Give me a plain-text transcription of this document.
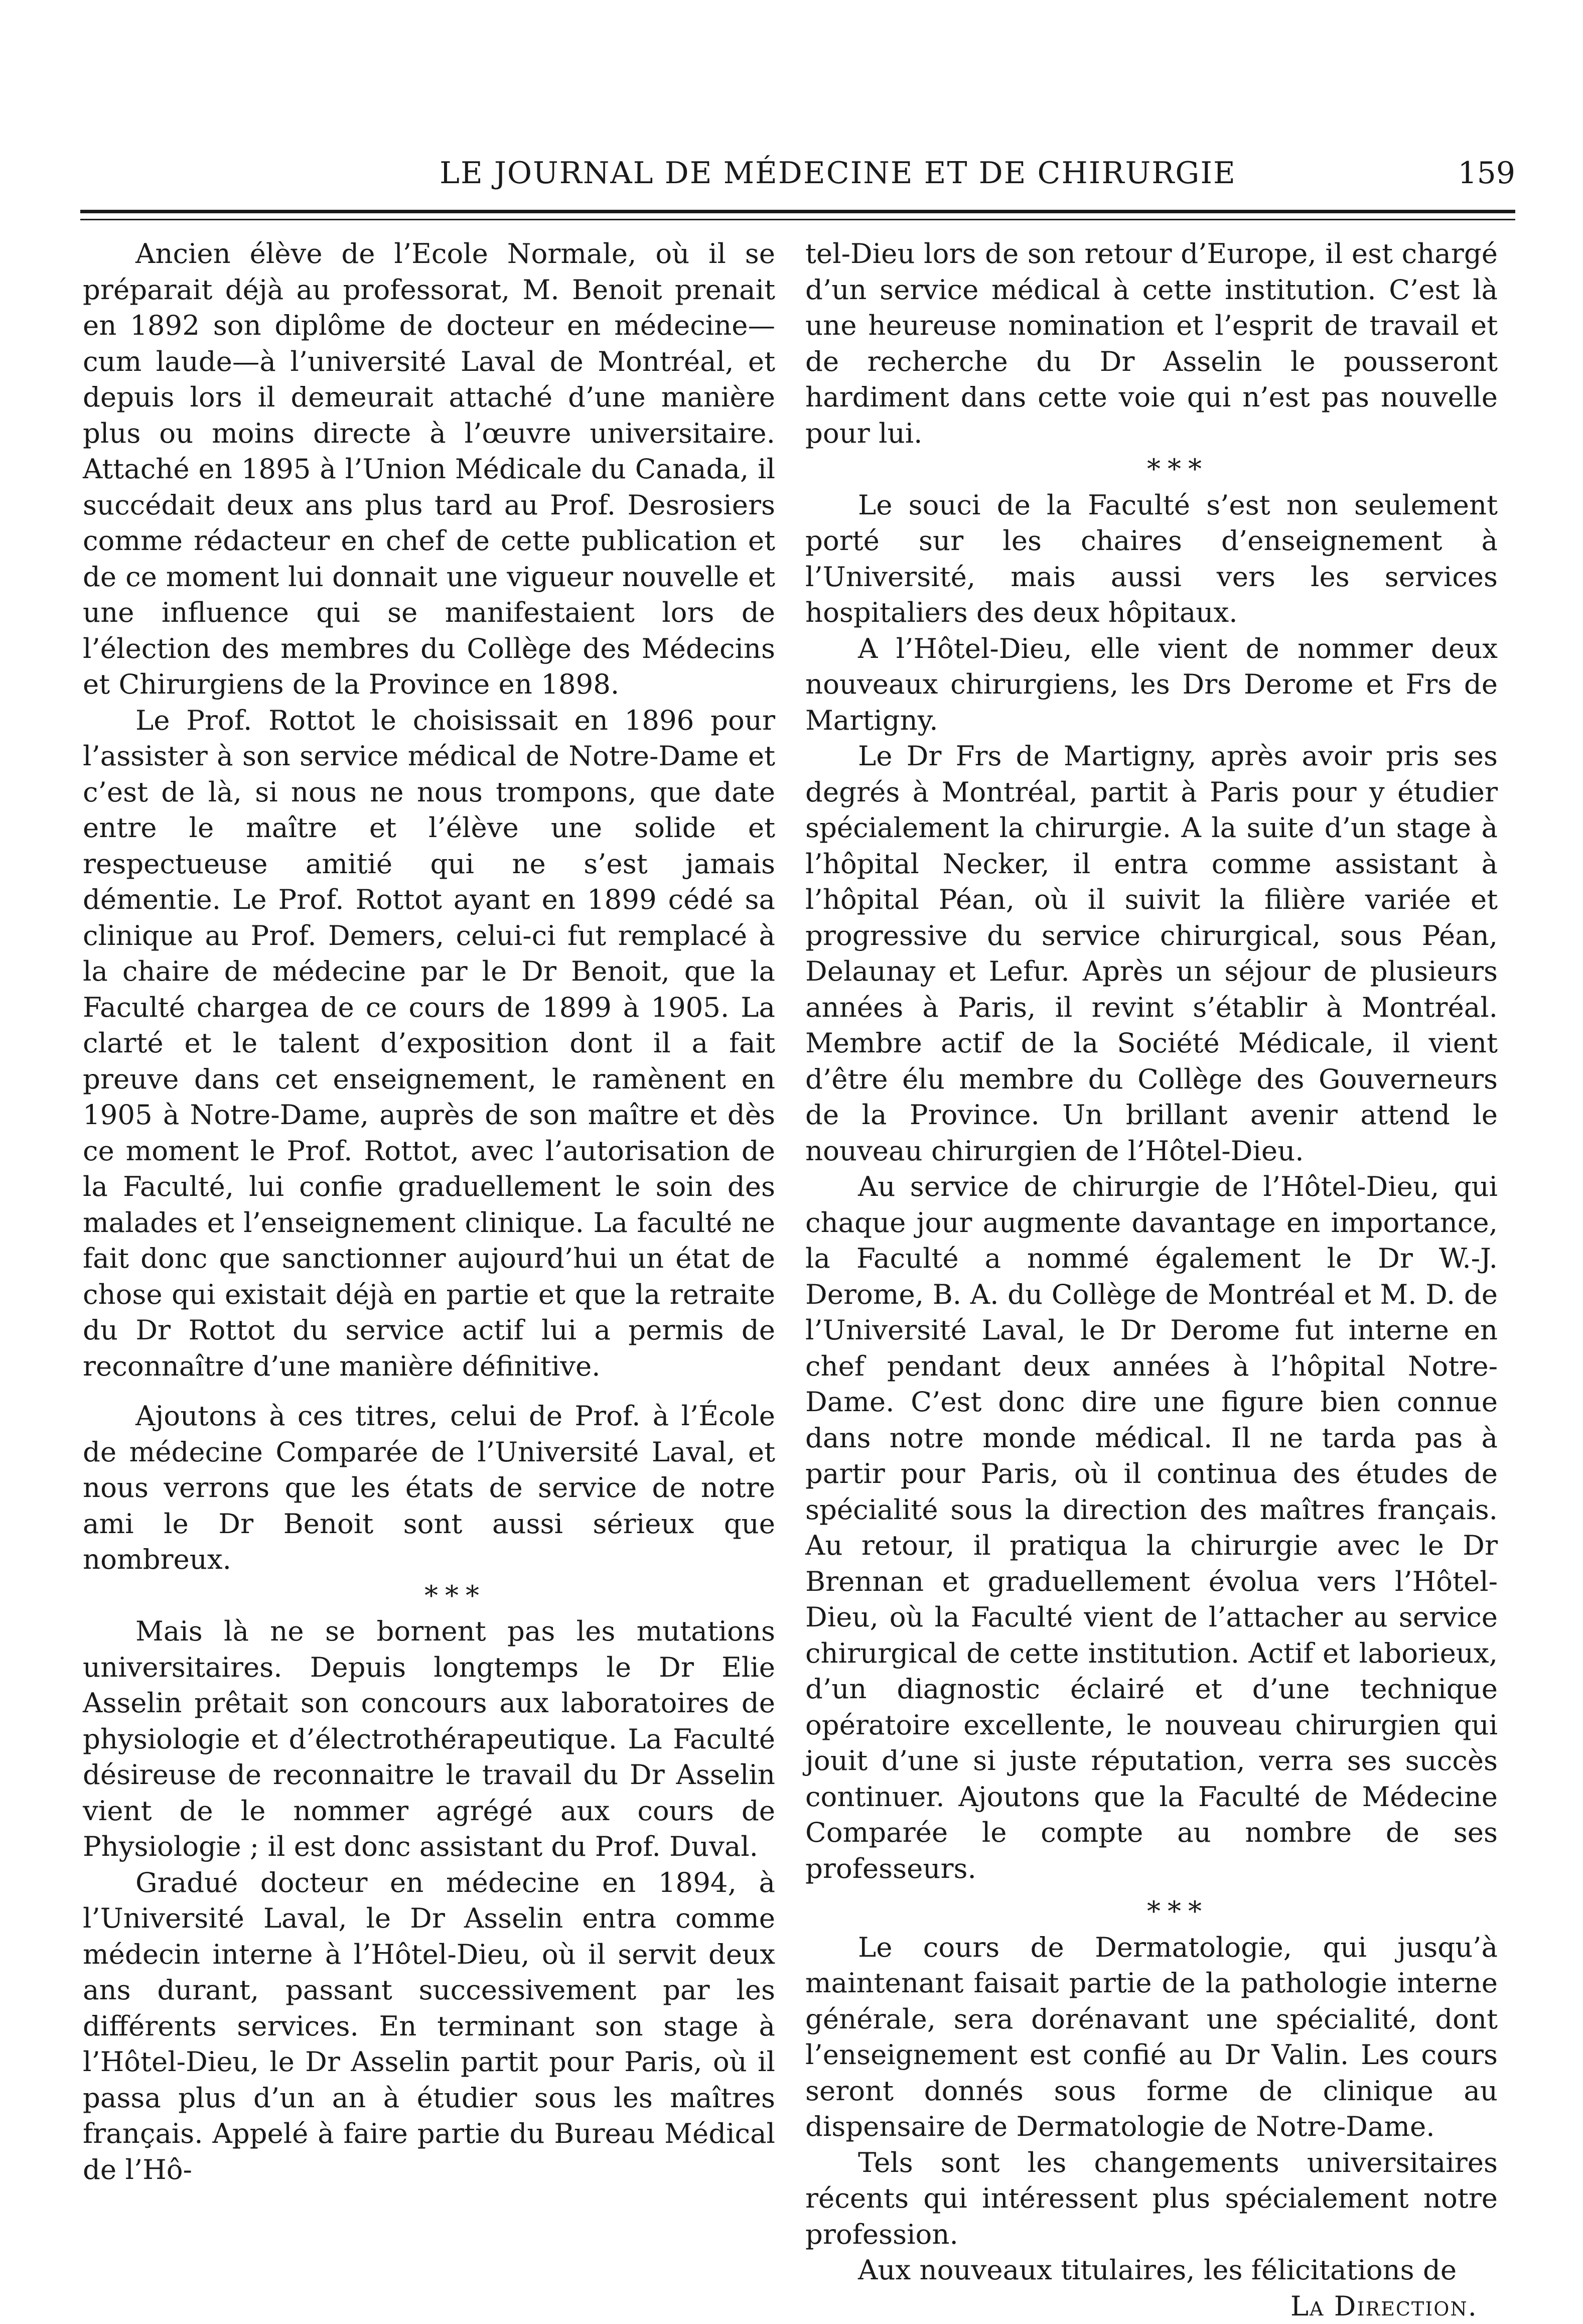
LE JOURNAL DE MÉDECINE ET DE CHIRURGIE	159

Ancien élève de l’Ecole Normale, où il se préparait déjà au professorat, M. Benoit prenait en 1892 son diplôme de docteur en médecine—cum laude—à l’université Laval de Montréal, et depuis lors il demeurait attaché d’une manière plus ou moins directe à l’œuvre universitaire. Attaché en 1895 à l’Union Médicale du Canada, il succédait deux ans plus tard au Prof. Desrosiers comme rédacteur en chef de cette publication et de ce moment lui donnait une vigueur nouvelle et une influence qui se manifestaient lors de l’élection des membres du Collège des Médecins et Chirurgiens de la Province en 1898.

Le Prof. Rottot le choisissait en 1896 pour l’assister à son service médical de Notre-Dame et c’est de là, si nous ne nous trompons, que date entre le maître et l’élève une solide et respectueuse amitié qui ne s’est jamais démentie. Le Prof. Rottot ayant en 1899 cédé sa clinique au Prof. Demers, celui-ci fut remplacé à la chaire de médecine par le Dr Benoit, que la Faculté chargea de ce cours de 1899 à 1905. La clarté et le talent d’exposition dont il a fait preuve dans cet enseignement, le ramènent en 1905 à Notre-Dame, auprès de son maître et dès ce moment le Prof. Rottot, avec l’autorisation de la Faculté, lui confie graduellement le soin des malades et l’enseignement clinique. La faculté ne fait donc que sanctionner aujourd’hui un état de chose qui existait déjà en partie et que la retraite du Dr Rottot du service actif lui a permis de reconnaître d’une manière définitive.

Ajoutons à ces titres, celui de Prof. à l’École de médecine Comparée de l’Université Laval, et nous verrons que les états de service de notre ami le Dr Benoit sont aussi sérieux que nombreux.

***

Mais là ne se bornent pas les mutations universitaires. Depuis longtemps le Dr Elie Asselin prêtait son concours aux laboratoires de physiologie et d’électrothérapeutique. La Faculté désireuse de reconnaitre le travail du Dr Asselin vient de le nommer agrégé aux cours de Physiologie ; il est donc assistant du Prof. Duval.

Gradué docteur en médecine en 1894, à l’Université Laval, le Dr Asselin entra comme médecin interne à l’Hôtel-Dieu, où il servit deux ans durant, passant successivement par les différents services. En terminant son stage à l’Hôtel-Dieu, le Dr Asselin partit pour Paris, où il passa plus d’un an à étudier sous les maîtres français. Appelé à faire partie du Bureau Médical de l’Hô-

tel-Dieu lors de son retour d’Europe, il est chargé d’un service médical à cette institution. C’est là une heureuse nomination et l’esprit de travail et de recherche du Dr Asselin le pousseront hardiment dans cette voie qui n’est pas nouvelle pour lui.

***

Le souci de la Faculté s’est non seulement porté sur les chaires d’enseignement à l’Université, mais aussi vers les services hospitaliers des deux hôpitaux.

A l’Hôtel-Dieu, elle vient de nommer deux nouveaux chirurgiens, les Drs Derome et Frs de Martigny.

Le Dr Frs de Martigny, après avoir pris ses degrés à Montréal, partit à Paris pour y étudier spécialement la chirurgie. A la suite d’un stage à l’hôpital Necker, il entra comme assistant à l’hôpital Péan, où il suivit la filière variée et progressive du service chirurgical, sous Péan, Delaunay et Lefur. Après un séjour de plusieurs années à Paris, il revint s’établir à Montréal. Membre actif de la Société Médicale, il vient d’être élu membre du Collège des Gouverneurs de la Province. Un brillant avenir attend le nouveau chirurgien de l’Hôtel-Dieu.

Au service de chirurgie de l’Hôtel-Dieu, qui chaque jour augmente davantage en importance, la Faculté a nommé également le Dr W.-J. Derome, B. A. du Collège de Montréal et M. D. de l’Université Laval, le Dr Derome fut interne en chef pendant deux années à l’hôpital Notre-Dame. C’est donc dire une figure bien connue dans notre monde médical. Il ne tarda pas à partir pour Paris, où il continua des études de spécialité sous la direction des maîtres français. Au retour, il pratiqua la chirurgie avec le Dr Brennan et graduellement évolua vers l’Hôtel-Dieu, où la Faculté vient de l’attacher au service chirurgical de cette institution. Actif et laborieux, d’un diagnostic éclairé et d’une technique opératoire excellente, le nouveau chirurgien qui jouit d’une si juste réputation, verra ses succès continuer. Ajoutons que la Faculté de Médecine Comparée le compte au nombre de ses professeurs.

***

Le cours de Dermatologie, qui jusqu’à maintenant faisait partie de la pathologie interne générale, sera dorénavant une spécialité, dont l’enseignement est confié au Dr Valin. Les cours seront donnés sous forme de clinique au dispensaire de Dermatologie de Notre-Dame.

Tels sont les changements universitaires récents qui intéressent plus spécialement notre profession.

Aux nouveaux titulaires, les félicitations de

La Direction.
